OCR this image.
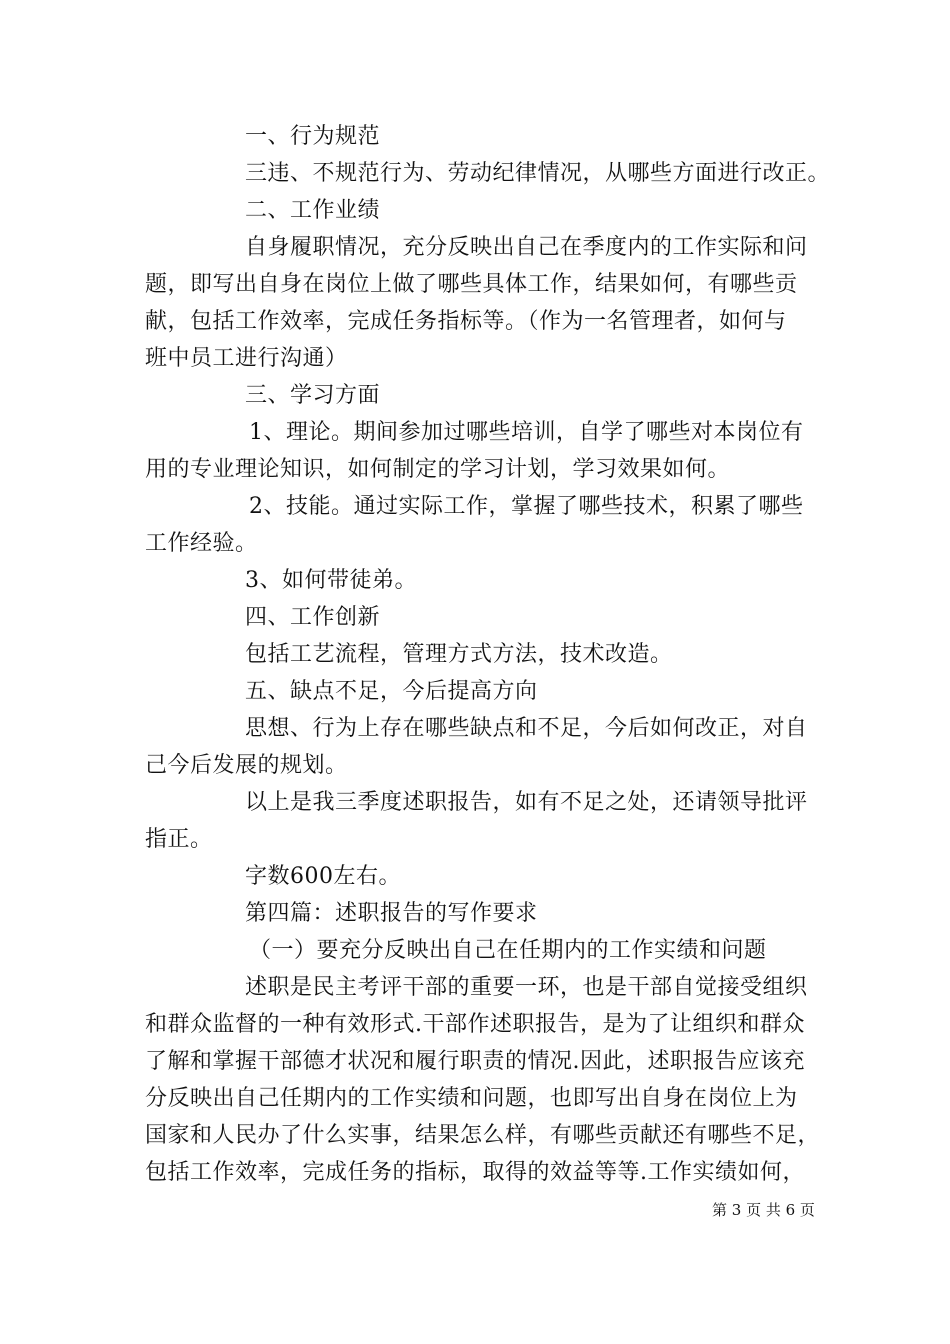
一、行为规范
三违、不规范行为、劳动纪律情况，从哪些方面进行改正。
二、工作业绩
自身履职情况，充分反映出自己在季度内的工作实际和问
题，即写出自身在岗位上做了哪些具体工作，结果如何，有哪些贡
献，包括工作效率，完成任务指标等。（作为一名管理者，如何与
班中员工进行沟通）
三、学习方面
1、理论。期间参加过哪些培训，自学了哪些对本岗位有
用的专业理论知识，如何制定的学习计划，学习效果如何。
2、技能。通过实际工作，掌握了哪些技术，积累了哪些
工作经验。
3、如何带徒弟。
四、工作创新
包括工艺流程，管理方式方法，技术改造。
五、缺点不足，今后提高方向
思想、行为上存在哪些缺点和不足，今后如何改正，对自
己今后发展的规划。
以上是我三季度述职报告，如有不足之处，还请领导批评
指正。
字数600左右。
第四篇：述职报告的写作要求
（一）要充分反映出自己在任期内的工作实绩和问题
述职是民主考评干部的重要一环，也是干部自觉接受组织
和群众监督的一种有效形式.干部作述职报告，是为了让组织和群众
了解和掌握干部德才状况和履行职责的情况.因此，述职报告应该充
分反映出自己任期内的工作实绩和问题，也即写出自身在岗位上为
国家和人民办了什么实事，结果怎么样，有哪些贡献还有哪些不足，
包括工作效率，完成任务的指标，取得的效益等等.工作实绩如何，
第 3 页 共 6 页
